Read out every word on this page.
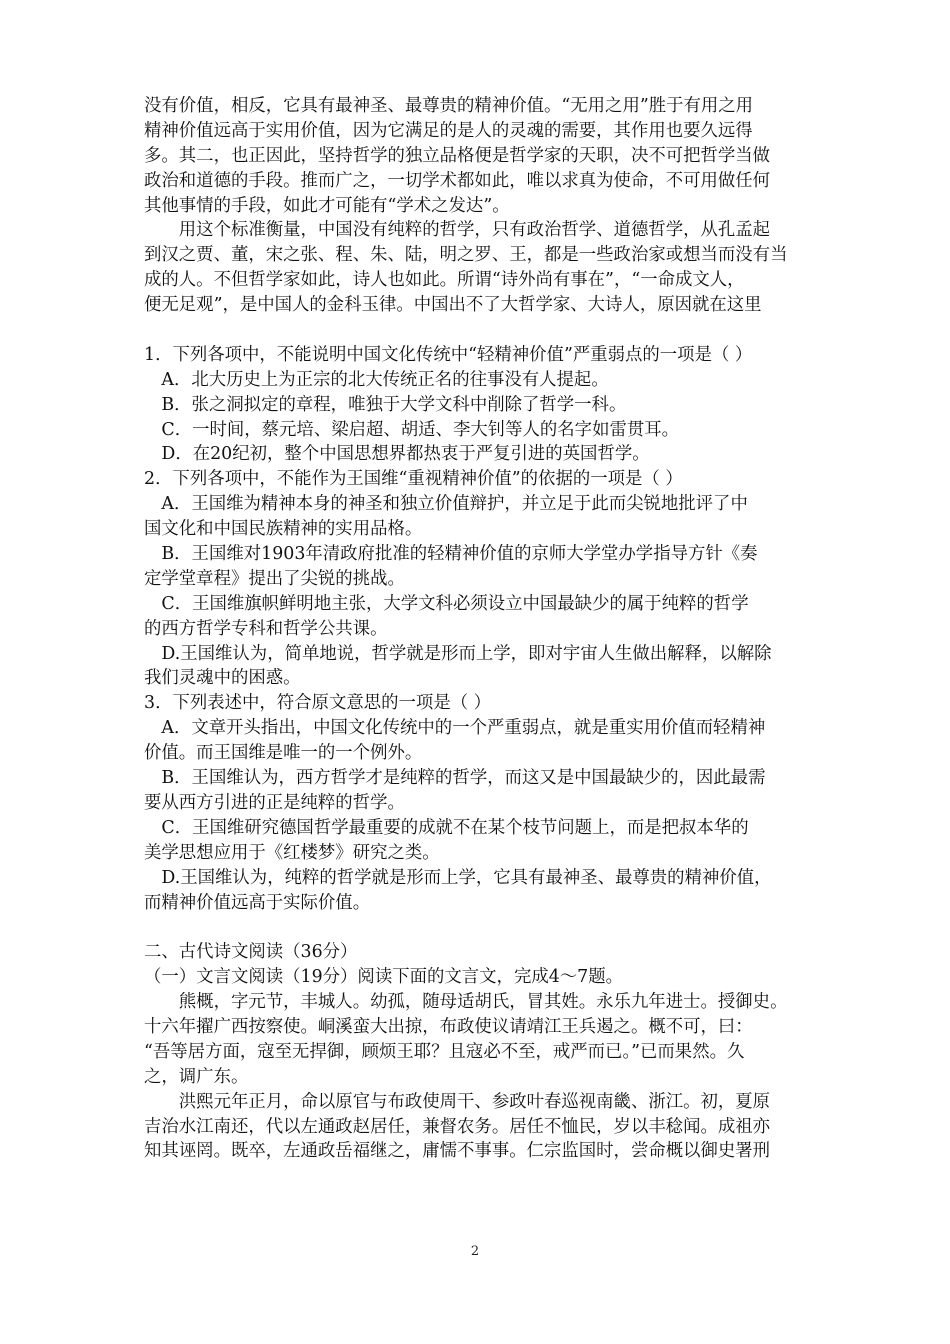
没有价值，相反，它具有最神圣、最尊贵的精神价值。“无用之用”胜于有用之用
精神价值远高于实用价值，因为它满足的是人的灵魂的需要，其作用也要久远得
多。其二，也正因此，坚持哲学的独立品格便是哲学家的天职，决不可把哲学当做
政治和道德的手段。推而广之，一切学术都如此，唯以求真为使命，不可用做任何
其他事情的手段，如此才可能有“学术之发达”。
　　用这个标准衡量，中国没有纯粹的哲学，只有政治哲学、道德哲学，从孔孟起
到汉之贾、董，宋之张、程、朱、陆，明之罗、王，都是一些政治家或想当而没有当
成的人。不但哲学家如此，诗人也如此。所谓“诗外尚有事在”，“一命成文人，
便无足观”，是中国人的金科玉律。中国出不了大哲学家、大诗人，原因就在这里
1．下列各项中，不能说明中国文化传统中“轻精神价值”严重弱点的一项是（ ）
　A．北大历史上为正宗的北大传统正名的往事没有人提起。
　B．张之洞拟定的章程，唯独于大学文科中削除了哲学一科。
　C．一时间，蔡元培、梁启超、胡适、李大钊等人的名字如雷贯耳。
　D．在20纪初，整个中国思想界都热衷于严复引进的英国哲学。
2．下列各项中，不能作为王国维“重视精神价值”的依据的一项是（ ）
　A．王国维为精神本身的神圣和独立价值辩护，并立足于此而尖锐地批评了中
国文化和中国民族精神的实用品格。
　B．王国维对1903年清政府批准的轻精神价值的京师大学堂办学指导方针《奏
定学堂章程》提出了尖锐的挑战。
　C．王国维旗帜鲜明地主张，大学文科必须设立中国最缺少的属于纯粹的哲学
的西方哲学专科和哲学公共课。
　D.王国维认为，简单地说，哲学就是形而上学，即对宇宙人生做出解释，以解除
我们灵魂中的困惑。
3．下列表述中，符合原文意思的一项是（ ）
　A．文章开头指出，中国文化传统中的一个严重弱点，就是重实用价值而轻精神
价值。而王国维是唯一的一个例外。
　B．王国维认为，西方哲学才是纯粹的哲学，而这又是中国最缺少的，因此最需
要从西方引进的正是纯粹的哲学。
　C．王国维研究德国哲学最重要的成就不在某个枝节问题上，而是把叔本华的
美学思想应用于《红楼梦》研究之类。
　D.王国维认为，纯粹的哲学就是形而上学，它具有最神圣、最尊贵的精神价值，
而精神价值远高于实际价值。
二、古代诗文阅读（36分）
（一）文言文阅读（19分）阅读下面的文言文，完成4～7题。
　　熊概，字元节，丰城人。幼孤，随母适胡氏，冒其姓。永乐九年进士。授御史。
十六年擢广西按察使。峒溪蛮大出掠，布政使议请靖江王兵遏之。概不可，曰：
“吾等居方面，寇至无捍御，顾烦王耶？且寇必不至，戒严而已。”已而果然。久
之，调广东。
　　洪熙元年正月，命以原官与布政使周干、参政叶春巡视南畿、浙江。初，夏原
吉治水江南还，代以左通政赵居任，兼督农务。居任不恤民，岁以丰稔闻。成祖亦
知其诬罔。既卒，左通政岳福继之，庸懦不事事。仁宗监国时，尝命概以御史署刑
2
